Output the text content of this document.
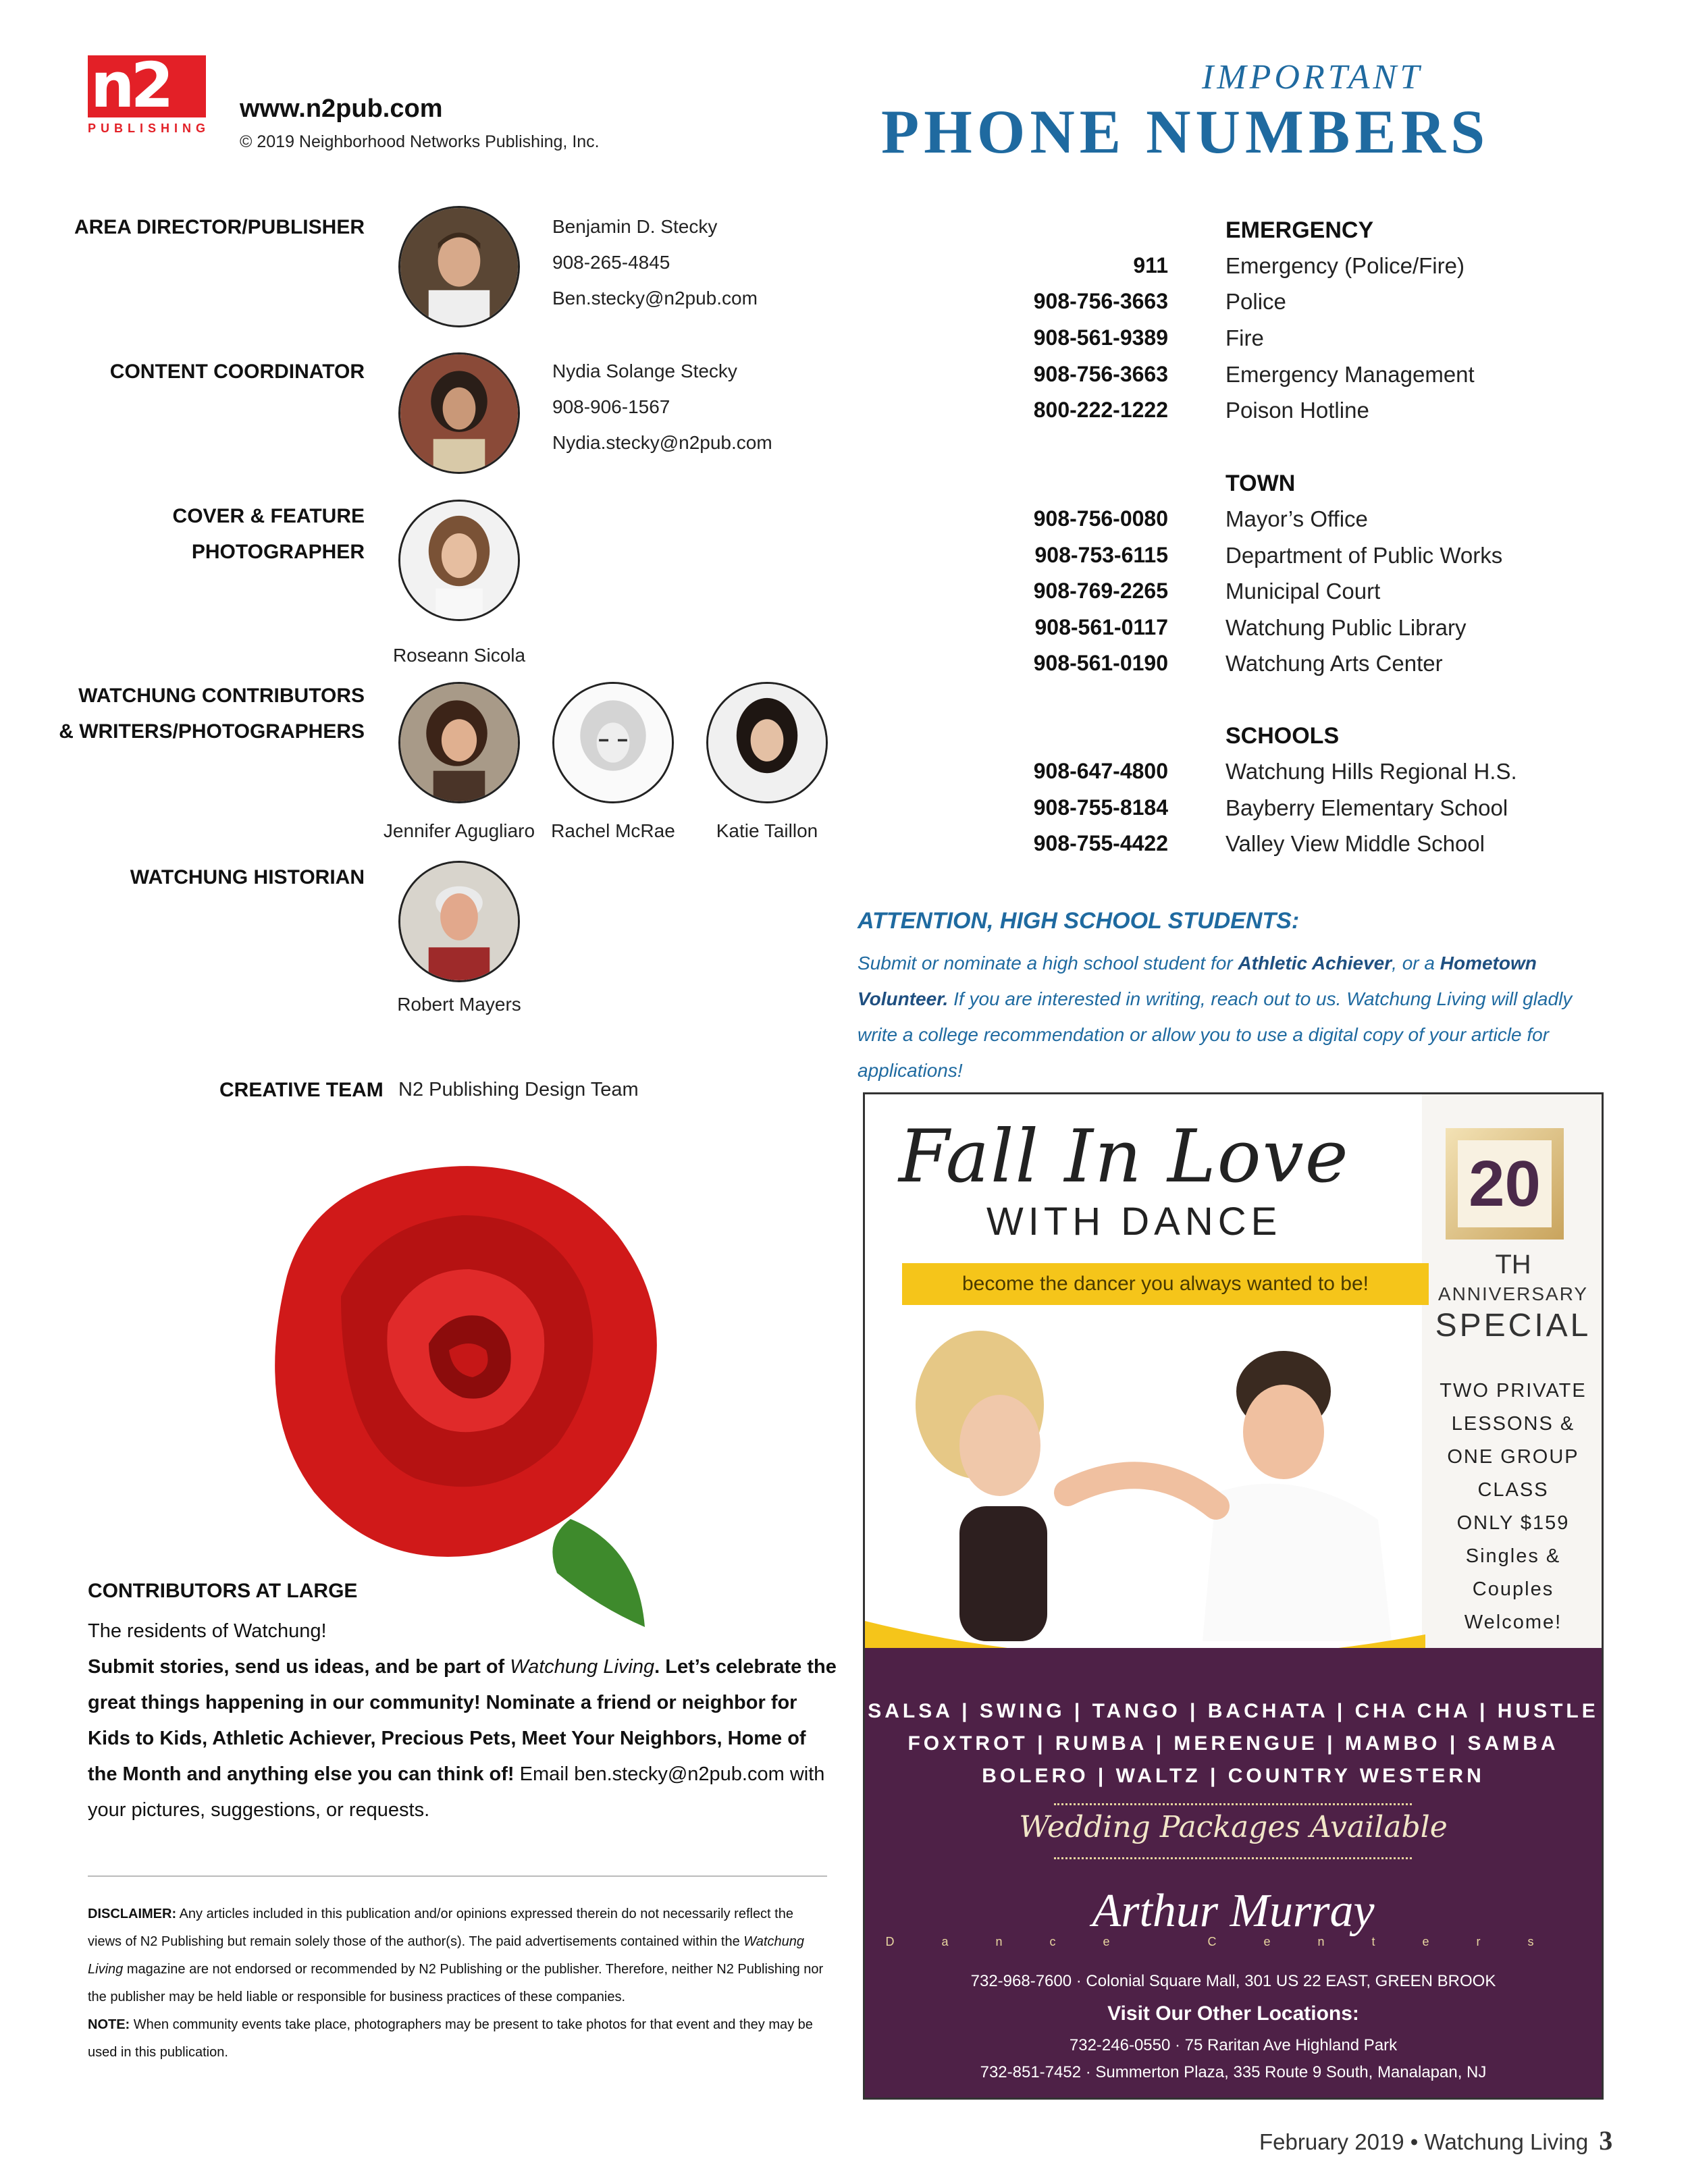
n2
PUBLISHING
www.n2pub.com
© 2019 Neighborhood Networks Publishing, Inc.
IMPORTANT
PHONE NUMBERS
AREA DIRECTOR/PUBLISHER	Benjamin D. Stecky
908-265-4845
Ben.stecky@n2pub.com
CONTENT COORDINATOR	Nydia Solange Stecky
908-906-1567
Nydia.stecky@n2pub.com
COVER & FEATURE
PHOTOGRAPHER
Roseann Sicola
WATCHUNG CONTRIBUTORS
& WRITERS/PHOTOGRAPHERS
Jennifer Agugliaro Rachel McRae	Katie Taillon
WATCHUNG HISTORIAN
Robert Mayers
CREATIVE TEAM N2 Publishing Design Team
EMERGENCY
911	Emergency (Police/Fire)
908-756-3663	Police
908-561-9389	Fire
908-756-3663	Emergency Management
800-222-1222	Poison Hotline
TOWN
908-756-0080	Mayor’s Office
908-753-6115	Department of Public Works
908-769-2265	Municipal Court
908-561-0117	Watchung Public Library
908-561-0190	Watchung Arts Center
SCHOOLS
908-647-4800	Watchung Hills Regional H.S.
908-755-8184	Bayberry Elementary School
908-755-4422	Valley View Middle School
ATTENTION, HIGH SCHOOL STUDENTS:
Submit or nominate a high school student for Athletic Achiever, or a Hometown Volunteer. If you are interested in writing, reach out to us. Watchung Living will gladly write a college recommendation or allow you to use a digital copy of your article for applications!
CONTRIBUTORS AT LARGE
The residents of Watchung!
Submit stories, send us ideas, and be part of Watchung Living. Let’s celebrate the great things happening in our community! Nominate a friend or neighbor for Kids to Kids, Athletic Achiever, Precious Pets, Meet Your Neighbors, Home of the Month and anything else you can think of! Email ben.stecky@n2pub.com with your pictures, suggestions, or requests.
DISCLAIMER: Any articles included in this publication and/or opinions expressed therein do not necessarily reflect the views of N2 Publishing but remain solely those of the author(s). The paid advertisements contained within the Watchung Living magazine are not endorsed or recommended by N2 Publishing or the publisher. Therefore, neither N2 Publishing nor the publisher may be held liable or responsible for business practices of these companies.
NOTE: When community events take place, photographers may be present to take photos for that event and they may be used in this publication.
Fall In Love
WITH DANCE
become the dancer you always wanted to be!
20
TH
ANNIVERSARY
SPECIAL
TWO PRIVATE
LESSONS &
ONE GROUP
CLASS
ONLY $159
Singles &
Couples
Welcome!
SALSA | SWING | TANGO | BACHATA | CHA CHA | HUSTLE
FOXTROT | RUMBA | MERENGUE | MAMBO | SAMBA
BOLERO | WALTZ | COUNTRY WESTERN
Wedding Packages Available
Arthur Murray
Dance	Centers
732-968-7600 · Colonial Square Mall, 301 US 22 EAST, GREEN BROOK
Visit Our Other Locations:
732-246-0550 · 75 Raritan Ave Highland Park
732-851-7452 · Summerton Plaza, 335 Route 9 South, Manalapan, NJ
February 2019 • Watchung Living 3
